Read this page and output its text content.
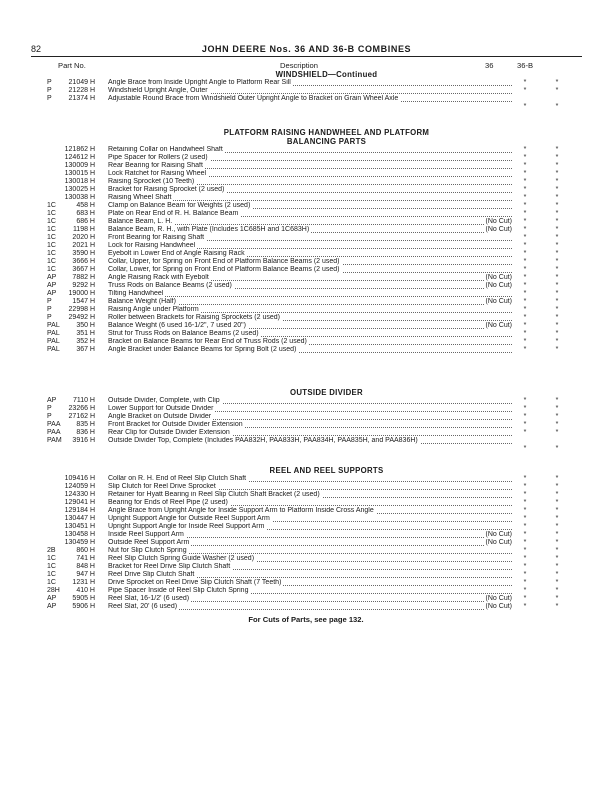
82	JOHN DEERE Nos. 36 AND 36-B COMBINES
Part No.	Description	36	36-B
WINDSHIELD—Continued
P	21049 H Angle Brace from Inside Upright Angle to Platform Rear Sill	*	*
P	21228 H Windshield Upright Angle, Outer	*	*
P	21374 H Adjustable Round Brace from Windshield Outer Upright Angle to Bracket on Grain Wheel Axle
*	*
PLATFORM RAISING HANDWHEEL AND PLATFORM
BALANCING PARTS
121862 H Retaining Collar on Handwheel Shaft	*	*
124612 H Pipe Spacer for Rollers (2 used)	*	*
130009 H Rear Bearing for Raising Shaft	*	*
130015 H Lock Ratchet for Raising Wheel	*	*
130018 H Raising Sprocket (10 Teeth)	*	*
130025 H Bracket for Raising Sprocket (2 used)	*	*
130038 H Raising Wheel Shaft	*	*
1C	458 H Clamp on Balance Beam for Weights (2 used)	*	*
1C	683 H Plate on Rear End of R. H. Balance Beam	*	*
1C	686 H Balance Beam, L. H.	(No Cut)	*	*
1C	1198 H Balance Beam, R. H., with Plate (Includes 1C685H and 1C683H)	(No Cut)	*	*
1C	2020 H Front Bearing for Raising Shaft	*	*
1C	2021 H Lock for Raising Handwheel	*	*
1C	3590 H Eyebolt in Lower End of Angle Raising Rack	*	*
1C	3666 H Collar, Upper, for Spring on Front End of Platform Balance Beams (2 used)	*	*
1C	3667 H Collar, Lower, for Spring on Front End of Platform Balance Beams (2 used)	*	*
AP	7882 H Angle Raising Rack with Eyebolt	(No Cut)	*	*
AP	9292 H Truss Rods on Balance Beams (2 used)	(No Cut)	*	*
AP	19000 H Tilting Handwheel	*	*
P	1547 H Balance Weight (Half)	(No Cut)	*	*
P	22998 H Raising Angle under Platform	*	*
P	29492 H Roller between Brackets for Raising Sprockets (2 used)	*	*
PAL	350 H Balance Weight (6 used 16-1/2", 7 used 20")	(No Cut)	*	*
PAL	351 H Strut for Truss Rods on Balance Beams (2 used)	*	*
PAL	352 H Bracket on Balance Beams for Rear End of Truss Rods (2 used)	*	*
PAL	367 H Angle Bracket under Balance Beams for Spring Bolt (2 used)	*	*
OUTSIDE DIVIDER
AP	7110 H Outside Divider, Complete, with Clip	*	*
P	23266 H Lower Support for Outside Divider	*	*
P	27162 H Angle Bracket on Outside Divider	*	*
PAA	835 H Front Bracket for Outside Divider Extension	*	*
PAA	836 H Rear Clip for Outside Divider Extension	*	*
PAM	3916 H Outside Divider Top, Complete (Includes PAA832H, PAA833H, PAA834H, PAA835H, and PAA836H)
*	*
REEL AND REEL SUPPORTS
109416 H Collar on R. H. End of Reel Slip Clutch Shaft	*	*
124059 H Slip Clutch for Reel Drive Sprocket	*	*
124330 H Retainer for Hyatt Bearing in Reel Slip Clutch Shaft Bracket (2 used)	*	*
129041 H Bearing for Ends of Reel Pipe (2 used)	*	*
129184 H Angle Brace from Upright Angle for Inside Support Arm to Platform Inside Cross Angle	*	*
130447 H Upright Support Angle for Outside Reel Support Arm	*	*
130451 H Upright Support Angle for Inside Reel Support Arm	*	*
130458 H Inside Reel Support Arm	(No Cut)	*	*
130459 H Outside Reel Support Arm	(No Cut)	*	*
2B	860 H Nut for Slip Clutch Spring	*	*
1C	741 H Reel Slip Clutch Spring Guide Washer (2 used)	*	*
1C	848 H Bracket for Reel Drive Slip Clutch Shaft	*	*
1C	947 H Reel Drive Slip Clutch Shaft	*	*
1C	1231 H Drive Sprocket on Reel Drive Slip Clutch Shaft (7 Teeth)	*	*
28H	410 H Pipe Spacer Inside of Reel Slip Clutch Spring	*	*
AP	5905 H Reel Slat, 16-1/2' (6 used)	(No Cut)	*	*
AP	5906 H Reel Slat, 20' (6 used)	(No Cut)	*	*
For Cuts of Parts, see page 132.
